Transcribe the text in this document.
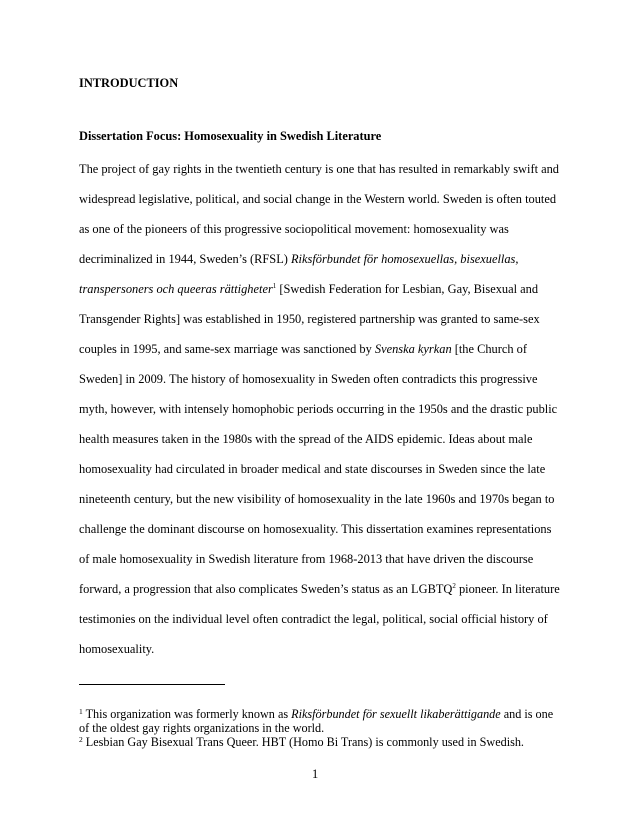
INTRODUCTION
Dissertation Focus: Homosexuality in Swedish Literature
The project of gay rights in the twentieth century is one that has resulted in remarkably swift and
widespread legislative, political, and social change in the Western world. Sweden is often touted
as one of the pioneers of this progressive sociopolitical movement: homosexuality was
decriminalized in 1944, Sweden’s (RFSL) Riksförbundet för homosexuellas, bisexuellas,
transpersoners och queeras rättigheter$^1$ [Swedish Federation for Lesbian, Gay, Bisexual and
Transgender Rights] was established in 1950, registered partnership was granted to same-sex
couples in 1995, and same-sex marriage was sanctioned by Svenska kyrkan [the Church of
Sweden] in 2009. The history of homosexuality in Sweden often contradicts this progressive
myth, however, with intensely homophobic periods occurring in the 1950s and the drastic public
health measures taken in the 1980s with the spread of the AIDS epidemic. Ideas about male
homosexuality had circulated in broader medical and state discourses in Sweden since the late
nineteenth century, but the new visibility of homosexuality in the late 1960s and 1970s began to
challenge the dominant discourse on homosexuality. This dissertation examines representations
of male homosexuality in Swedish literature from 1968-2013 that have driven the discourse
forward, a progression that also complicates Sweden’s status as an LGBTQ$^2$ pioneer. In literature
testimonies on the individual level often contradict the legal, political, social official history of
homosexuality.
$^1$ This organization was formerly known as Riksförbundet för sexuellt likaberättigande and is one
of the oldest gay rights organizations in the world.
$^2$ Lesbian Gay Bisexual Trans Queer. HBT (Homo Bi Trans) is commonly used in Swedish.
1
